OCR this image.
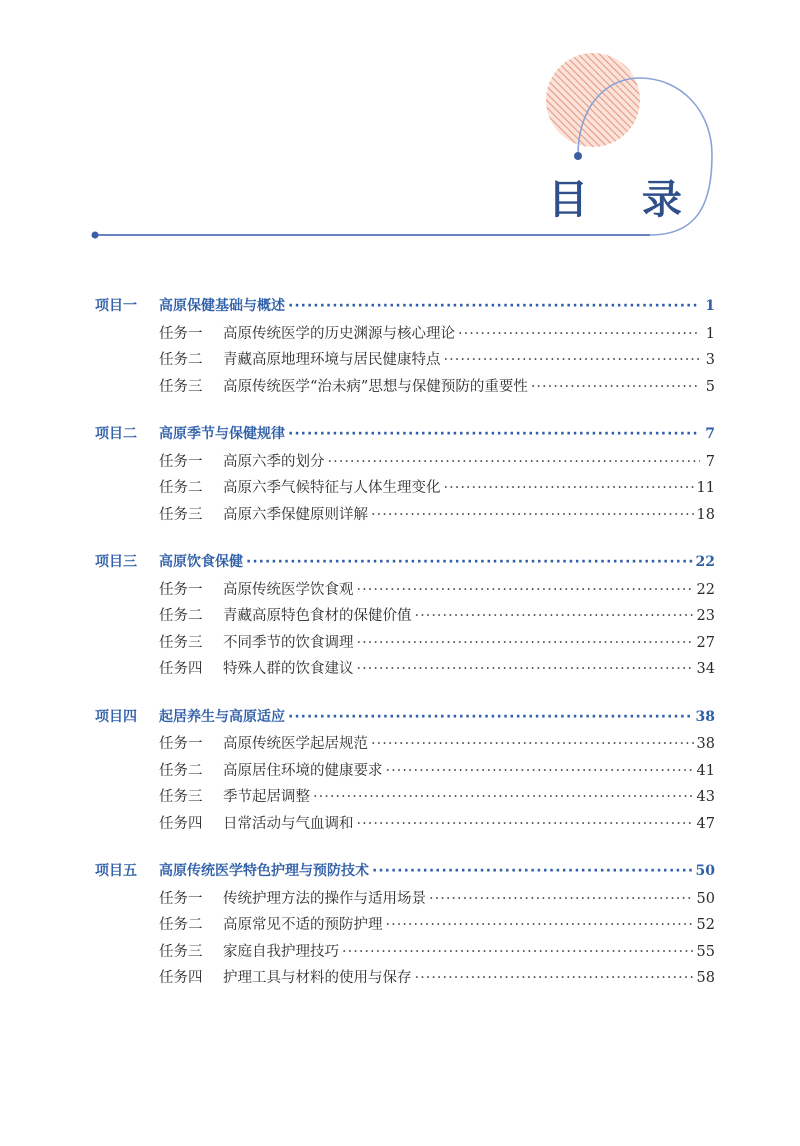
目 录
项目一	高原保健基础与概述 ·····	1
任务一	高原传统医学的历史渊源与核心理论 ·····	1
任务二	青藏高原地理环境与居民健康特点 ·····	3
任务三	高原传统医学“治未病”思想与保健预防的重要性 ·····	5
项目二	高原季节与保健规律 ·····	7
任务一	高原六季的划分 ·····	7
任务二	高原六季气候特征与人体生理变化 ·····	11
任务三	高原六季保健原则详解 ·····	18
项目三	高原饮食保健 ·····	22
任务一	高原传统医学饮食观 ·····	22
任务二	青藏高原特色食材的保健价值 ·····	23
任务三	不同季节的饮食调理 ·····	27
任务四	特殊人群的饮食建议 ·····	34
项目四	起居养生与高原适应 ·····	38
任务一	高原传统医学起居规范 ·····	38
任务二	高原居住环境的健康要求 ·····	41
任务三	季节起居调整 ·····	43
任务四	日常活动与气血调和 ·····	47
项目五	高原传统医学特色护理与预防技术 ·····	50
任务一	传统护理方法的操作与适用场景 ·····	50
任务二	高原常见不适的预防护理 ·····	52
任务三	家庭自我护理技巧 ·····	55
任务四	护理工具与材料的使用与保存 ·····	58
